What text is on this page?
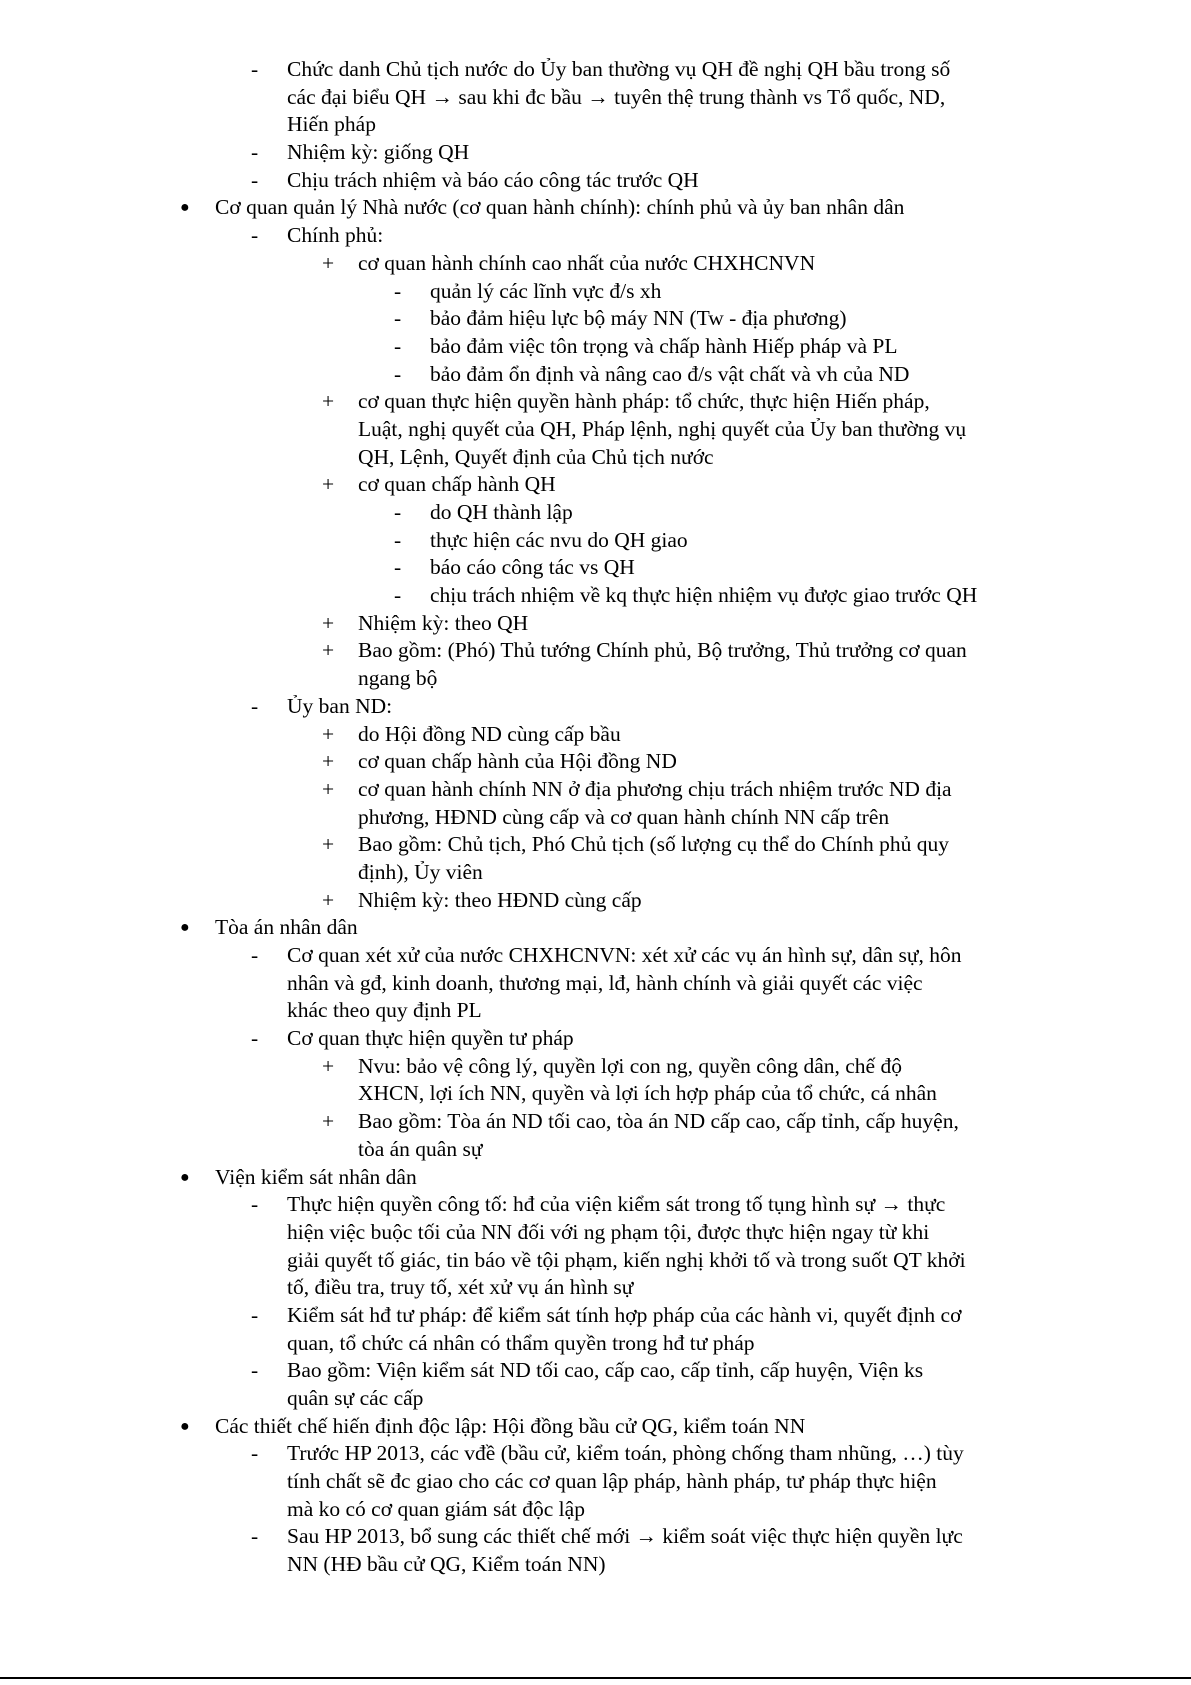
- Chức danh Chủ tịch nước do Ủy ban thường vụ QH đề nghị QH bầu trong số
các đại biểu QH → sau khi đc bầu → tuyên thệ trung thành vs Tổ quốc, ND,
Hiến pháp
- Nhiệm kỳ: giống QH
- Chịu trách nhiệm và báo cáo công tác trước QH
● Cơ quan quản lý Nhà nước (cơ quan hành chính): chính phủ và ủy ban nhân dân
- Chính phủ:
+ cơ quan hành chính cao nhất của nước CHXHCNVN
- quản lý các lĩnh vực đ/s xh
- bảo đảm hiệu lực bộ máy NN (Tw - địa phương)
- bảo đảm việc tôn trọng và chấp hành Hiếp pháp và PL
- bảo đảm ổn định và nâng cao đ/s vật chất và vh của ND
+ cơ quan thực hiện quyền hành pháp: tổ chức, thực hiện Hiến pháp,
Luật, nghị quyết của QH, Pháp lệnh, nghị quyết của Ủy ban thường vụ
QH, Lệnh, Quyết định của Chủ tịch nước
+ cơ quan chấp hành QH
- do QH thành lập
- thực hiện các nvu do QH giao
- báo cáo công tác vs QH
- chịu trách nhiệm về kq thực hiện nhiệm vụ được giao trước QH
+ Nhiệm kỳ: theo QH
+ Bao gồm: (Phó) Thủ tướng Chính phủ, Bộ trưởng, Thủ trưởng cơ quan
ngang bộ
- Ủy ban ND:
+ do Hội đồng ND cùng cấp bầu
+ cơ quan chấp hành của Hội đồng ND
+ cơ quan hành chính NN ở địa phương chịu trách nhiệm trước ND địa
phương, HĐND cùng cấp và cơ quan hành chính NN cấp trên
+ Bao gồm: Chủ tịch, Phó Chủ tịch (số lượng cụ thể do Chính phủ quy
định), Ủy viên
+ Nhiệm kỳ: theo HĐND cùng cấp
● Tòa án nhân dân
- Cơ quan xét xử của nước CHXHCNVN: xét xử các vụ án hình sự, dân sự, hôn
nhân và gđ, kinh doanh, thương mại, lđ, hành chính và giải quyết các việc
khác theo quy định PL
- Cơ quan thực hiện quyền tư pháp
+ Nvu: bảo vệ công lý, quyền lợi con ng, quyền công dân, chế độ
XHCN, lợi ích NN, quyền và lợi ích hợp pháp của tổ chức, cá nhân
+ Bao gồm: Tòa án ND tối cao, tòa án ND cấp cao, cấp tỉnh, cấp huyện,
tòa án quân sự
● Viện kiểm sát nhân dân
- Thực hiện quyền công tố: hđ của viện kiểm sát trong tố tụng hình sự → thực
hiện việc buộc tối của NN đối với ng phạm tội, được thực hiện ngay từ khi
giải quyết tố giác, tin báo về tội phạm, kiến nghị khởi tố và trong suốt QT khởi
tố, điều tra, truy tố, xét xử vụ án hình sự
- Kiểm sát hđ tư pháp: để kiểm sát tính hợp pháp của các hành vi, quyết định cơ
quan, tổ chức cá nhân có thẩm quyền trong hđ tư pháp
- Bao gồm: Viện kiểm sát ND tối cao, cấp cao, cấp tỉnh, cấp huyện, Viện ks
quân sự các cấp
● Các thiết chế hiến định độc lập: Hội đồng bầu cử QG, kiểm toán NN
- Trước HP 2013, các vđề (bầu cử, kiểm toán, phòng chống tham nhũng, …) tùy
tính chất sẽ đc giao cho các cơ quan lập pháp, hành pháp, tư pháp thực hiện
mà ko có cơ quan giám sát độc lập
- Sau HP 2013, bổ sung các thiết chế mới → kiểm soát việc thực hiện quyền lực
NN (HĐ bầu cử QG, Kiểm toán NN)
